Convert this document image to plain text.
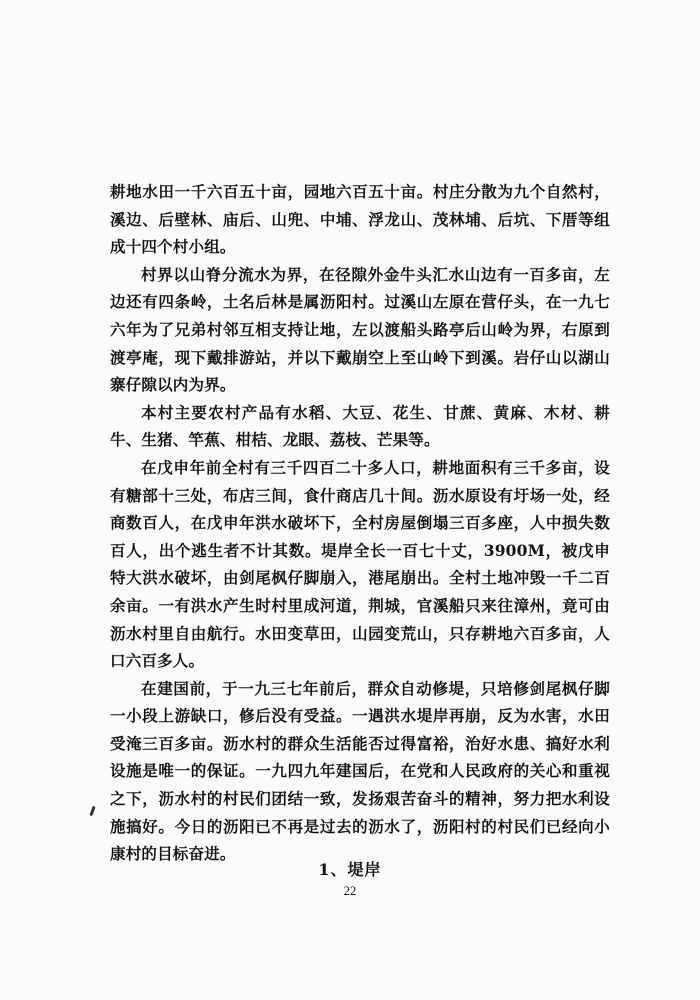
耕地水田一千六百五十亩，园地六百五十亩。村庄分散为九个自然村，溪边、后壁林、庙后、山兜、中埔、浮龙山、茂林埔、后坑、下厝等组成十四个村小组。

村界以山脊分流水为界，在径隙外金牛头汇水山边有一百多亩，左边还有四条岭，土名后林是属沥阳村。过溪山左原在营仔头，在一九七六年为了兄弟村邻互相支持让地，左以渡船头路亭后山岭为界，右原到渡亭庵，现下戴排游站，并以下戴崩空上至山岭下到溪。岩仔山以湖山寨仔隙以内为界。

本村主要农村产品有水稻、大豆、花生、甘蔗、黄麻、木材、耕牛、生猪、竿蕉、柑桔、龙眼、荔枝、芒果等。

在戊申年前全村有三千四百二十多人口，耕地面积有三千多亩，设有糖部十三处，布店三间，食什商店几十间。沥水原设有圩场一处，经商数百人，在戊申年洪水破坏下，全村房屋倒塌三百多座，人中损失数百人，出个逃生者不计其数。堤岸全长一百七十丈，3900M，被戊申特大洪水破坏，由剑尾枫仔脚崩入，港尾崩出。全村土地冲毁一千二百余亩。一有洪水产生时村里成河道，荆城，官溪船只来往漳州，竟可由沥水村里自由航行。水田变草田，山园变荒山，只存耕地六百多亩，人口六百多人。

在建国前，于一九三七年前后，群众自动修堤，只培修剑尾枫仔脚一小段上游缺口，修后没有受益。一遇洪水堤岸再崩，反为水害，水田受淹三百多亩。沥水村的群众生活能否过得富裕，治好水患、搞好水利设施是唯一的保证。一九四九年建国后，在党和人民政府的关心和重视之下，沥水村的村民们团结一致，发扬艰苦奋斗的精神，努力把水利设施搞好。今日的沥阳已不再是过去的沥水了，沥阳村的村民们已经向小康村的目标奋进。

1、堤岸
22
